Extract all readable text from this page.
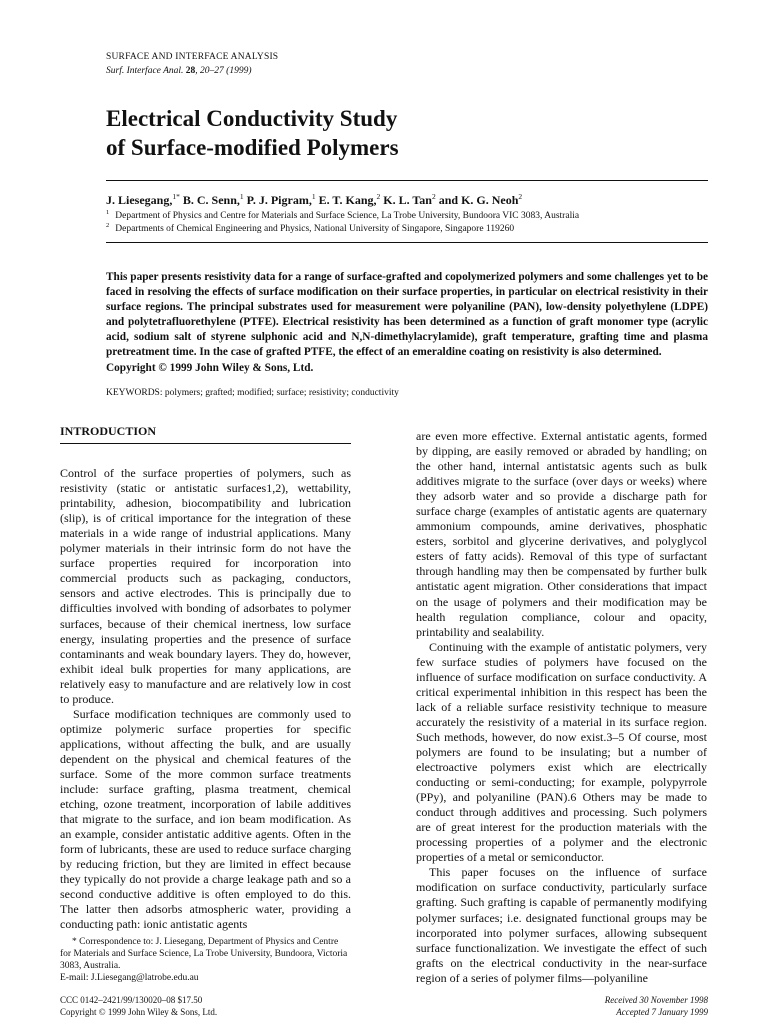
SURFACE AND INTERFACE ANALYSIS
Surf. Interface Anal. 28, 20–27 (1999)
Electrical Conductivity Study
of Surface-modified Polymers
J. Liesegang,$^{1*}$ B. C. Senn,$^1$ P. J. Pigram,$^1$ E. T. Kang,$^2$ K. L. Tan$^2$ and K. G. Neoh$^2$
$^1$ Department of Physics and Centre for Materials and Surface Science, La Trobe University, Bundoora VIC 3083, Australia
$^2$ Departments of Chemical Engineering and Physics, National University of Singapore, Singapore 119260

This paper presents resistivity data for a range of surface-grafted and copolymerized polymers and some challenges yet to be faced in resolving the effects of surface modification on their surface properties, in particular on electrical resistivity in their surface regions. The principal substrates used for measurement were polyaniline (PAN), low-density polyethylene (LDPE) and polytetrafluorethylene (PTFE). Electrical resistivity has been determined as a function of graft monomer type (acrylic acid, sodium salt of styrene sulphonic acid and N,N-dimethylacrylamide), graft temperature, grafting time and plasma pretreatment time. In the case of grafted PTFE, the effect of an emeraldine coating on resistivity is also determined.
Copyright © 1999 John Wiley & Sons, Ltd.

KEYWORDS: polymers; grafted; modified; surface; resistivity; conductivity
INTRODUCTION

Control of the surface properties of polymers, such as resistivity (static or antistatic surfaces1,2), wettability, printability, adhesion, biocompatibility and lubrication (slip), is of critical importance for the integration of these materials in a wide range of industrial applications. Many polymer materials in their intrinsic form do not have the surface properties required for incorporation into commercial products such as packaging, conductors, sensors and active electrodes. This is principally due to difficulties involved with bonding of adsorbates to polymer surfaces, because of their chemical inertness, low surface energy, insulating properties and the presence of surface contaminants and weak boundary layers. They do, however, exhibit ideal bulk properties for many applications, are relatively easy to manufacture and are relatively low in cost to produce.

Surface modification techniques are commonly used to optimize polymeric surface properties for specific applications, without affecting the bulk, and are usually dependent on the physical and chemical features of the surface. Some of the more common surface treatments include: surface grafting, plasma treatment, chemical etching, ozone treatment, incorporation of labile additives that migrate to the surface, and ion beam modification. As an example, consider antistatic additive agents. Often in the form of lubricants, these are used to reduce surface charging by reducing friction, but they are limited in effect because they typically do not provide a charge leakage path and so a second conductive additive is often employed to do this. The latter then adsorbs atmospheric water, providing a conducting path: ionic antistatic agents

are even more effective. External antistatic agents, formed by dipping, are easily removed or abraded by handling; on the other hand, internal antistatsic agents such as bulk additives migrate to the surface (over days or weeks) where they adsorb water and so provide a discharge path for surface charge (examples of antistatic agents are quaternary ammonium compounds, amine derivatives, phosphatic esters, sorbitol and glycerine derivatives, and polyglycol esters of fatty acids). Removal of this type of surfactant through handling may then be compensated by further bulk antistatic agent migration. Other considerations that impact on the usage of polymers and their modification may be health regulation compliance, colour and opacity, printability and sealability.

Continuing with the example of antistatic polymers, very few surface studies of polymers have focused on the influence of surface modification on surface conductivity. A critical experimental inhibition in this respect has been the lack of a reliable surface resistivity technique to measure accurately the resistivity of a material in its surface region. Such methods, however, do now exist.3–5 Of course, most polymers are found to be insulating; but a number of electroactive polymers exist which are electrically conducting or semi-conducting; for example, polypyrrole (PPy), and polyaniline (PAN).6 Others may be made to conduct through additives and processing. Such polymers are of great interest for the production materials with the processing properties of a polymer and the electronic properties of a metal or semiconductor.

This paper focuses on the influence of surface modification on surface conductivity, particularly surface grafting. Such grafting is capable of permanently modifying polymer surfaces; i.e. designated functional groups may be incorporated into polymer surfaces, allowing subsequent surface functionalization. We investigate the effect of such grafts on the electrical conductivity in the near-surface region of a series of polymer films—polyaniline

* Correspondence to: J. Liesegang, Department of Physics and Centre for Materials and Surface Science, La Trobe University, Bundoora, Victoria 3083, Australia.

E-mail: J.Liesegang@latrobe.edu.au
CCC 0142–2421/99/130020–08 $17.50
Copyright © 1999 John Wiley & Sons, Ltd.
Received 30 November 1998
Accepted 7 January 1999
